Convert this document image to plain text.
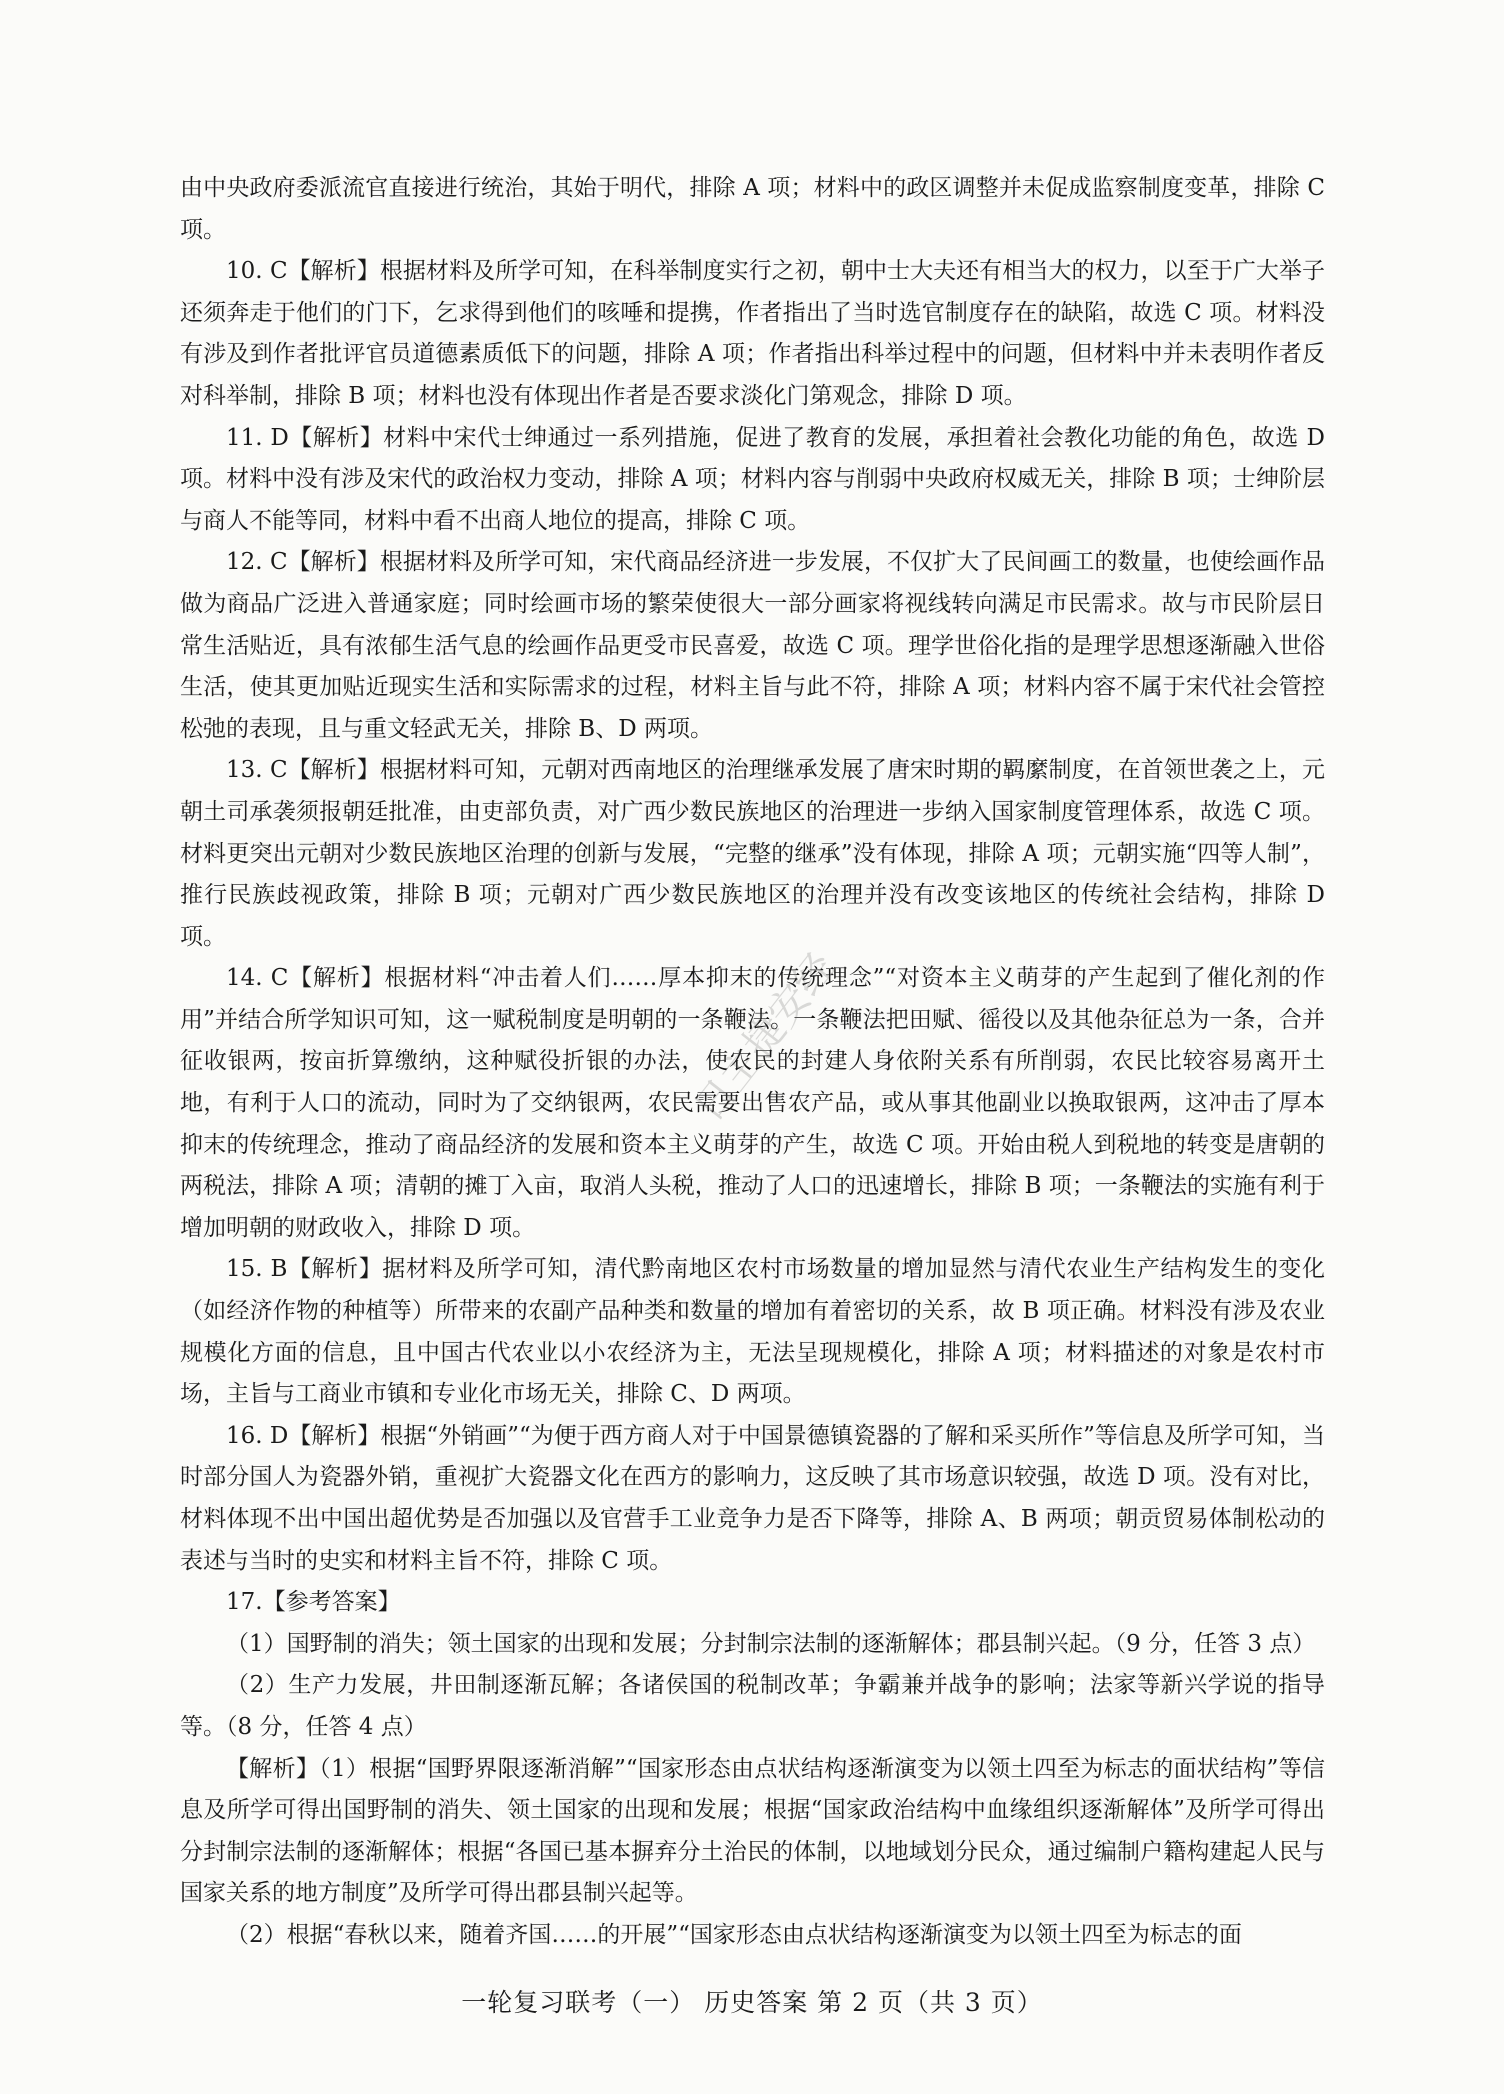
由中央政府委派流官直接进行统治，其始于明代，排除 A 项；材料中的政区调整并未促成监察制度变革，排除 C 项。

10. C【解析】根据材料及所学可知，在科举制度实行之初，朝中士大夫还有相当大的权力，以至于广大举子还须奔走于他们的门下，乞求得到他们的咳唾和提携，作者指出了当时选官制度存在的缺陷，故选 C 项。材料没有涉及到作者批评官员道德素质低下的问题，排除 A 项；作者指出科举过程中的问题，但材料中并未表明作者反对科举制，排除 B 项；材料也没有体现出作者是否要求淡化门第观念，排除 D 项。

11. D【解析】材料中宋代士绅通过一系列措施，促进了教育的发展，承担着社会教化功能的角色，故选 D 项。材料中没有涉及宋代的政治权力变动，排除 A 项；材料内容与削弱中央政府权威无关，排除 B 项；士绅阶层与商人不能等同，材料中看不出商人地位的提高，排除 C 项。

12. C【解析】根据材料及所学可知，宋代商品经济进一步发展，不仅扩大了民间画工的数量，也使绘画作品做为商品广泛进入普通家庭；同时绘画市场的繁荣使很大一部分画家将视线转向满足市民需求。故与市民阶层日常生活贴近，具有浓郁生活气息的绘画作品更受市民喜爱，故选 C 项。理学世俗化指的是理学思想逐渐融入世俗生活，使其更加贴近现实生活和实际需求的过程，材料主旨与此不符，排除 A 项；材料内容不属于宋代社会管控松弛的表现，且与重文轻武无关，排除 B、D 两项。

13. C【解析】根据材料可知，元朝对西南地区的治理继承发展了唐宋时期的羁縻制度，在首领世袭之上，元朝土司承袭须报朝廷批准，由吏部负责，对广西少数民族地区的治理进一步纳入国家制度管理体系，故选 C 项。材料更突出元朝对少数民族地区治理的创新与发展，“完整的继承”没有体现，排除 A 项；元朝实施“四等人制”，推行民族歧视政策，排除 B 项；元朝对广西少数民族地区的治理并没有改变该地区的传统社会结构，排除 D 项。

14. C【解析】根据材料“冲击着人们……厚本抑末的传统理念”“对资本主义萌芽的产生起到了催化剂的作用”并结合所学知识可知，这一赋税制度是明朝的一条鞭法。一条鞭法把田赋、徭役以及其他杂征总为一条，合并征收银两，按亩折算缴纳，这种赋役折银的办法，使农民的封建人身依附关系有所削弱，农民比较容易离开土地，有利于人口的流动，同时为了交纳银两，农民需要出售农产品，或从事其他副业以换取银两，这冲击了厚本抑末的传统理念，推动了商品经济的发展和资本主义萌芽的产生，故选 C 项。开始由税人到税地的转变是唐朝的两税法，排除 A 项；清朝的摊丁入亩，取消人头税，推动了人口的迅速增长，排除 B 项；一条鞭法的实施有利于增加明朝的财政收入，排除 D 项。

15. B【解析】据材料及所学可知，清代黔南地区农村市场数量的增加显然与清代农业生产结构发生的变化（如经济作物的种植等）所带来的农副产品种类和数量的增加有着密切的关系，故 B 项正确。材料没有涉及农业规模化方面的信息，且中国古代农业以小农经济为主，无法呈现规模化，排除 A 项；材料描述的对象是农村市场，主旨与工商业市镇和专业化市场无关，排除 C、D 两项。

16. D【解析】根据“外销画”“为便于西方商人对于中国景德镇瓷器的了解和采买所作”等信息及所学可知，当时部分国人为瓷器外销，重视扩大瓷器文化在西方的影响力，这反映了其市场意识较强，故选 D 项。没有对比，材料体现不出中国出超优势是否加强以及官营手工业竞争力是否下降等，排除 A、B 两项；朝贡贸易体制松动的表述与当时的史实和材料主旨不符，排除 C 项。

17.【参考答案】

（1）国野制的消失；领土国家的出现和发展；分封制宗法制的逐渐解体；郡县制兴起。（9 分，任答 3 点）

（2）生产力发展，井田制逐渐瓦解；各诸侯国的税制改革；争霸兼并战争的影响；法家等新兴学说的指导等。（8 分，任答 4 点）

【解析】（1）根据“国野界限逐渐消解”“国家形态由点状结构逐渐演变为以领土四至为标志的面状结构”等信息及所学可得出国野制的消失、领土国家的出现和发展；根据“国家政治结构中血缘组织逐渐解体”及所学可得出分封制宗法制的逐渐解体；根据“各国已基本摒弃分土治民的体制，以地域划分民众，通过编制户籍构建起人民与国家关系的地方制度”及所学可得出郡县制兴起等。

（2）根据“春秋以来，随着齐国……的开展”“国家形态由点状结构逐渐演变为以领土四至为标志的面

日主捷安经
一轮复习联考（一） 历史答案 第 2 页（共 3 页）
